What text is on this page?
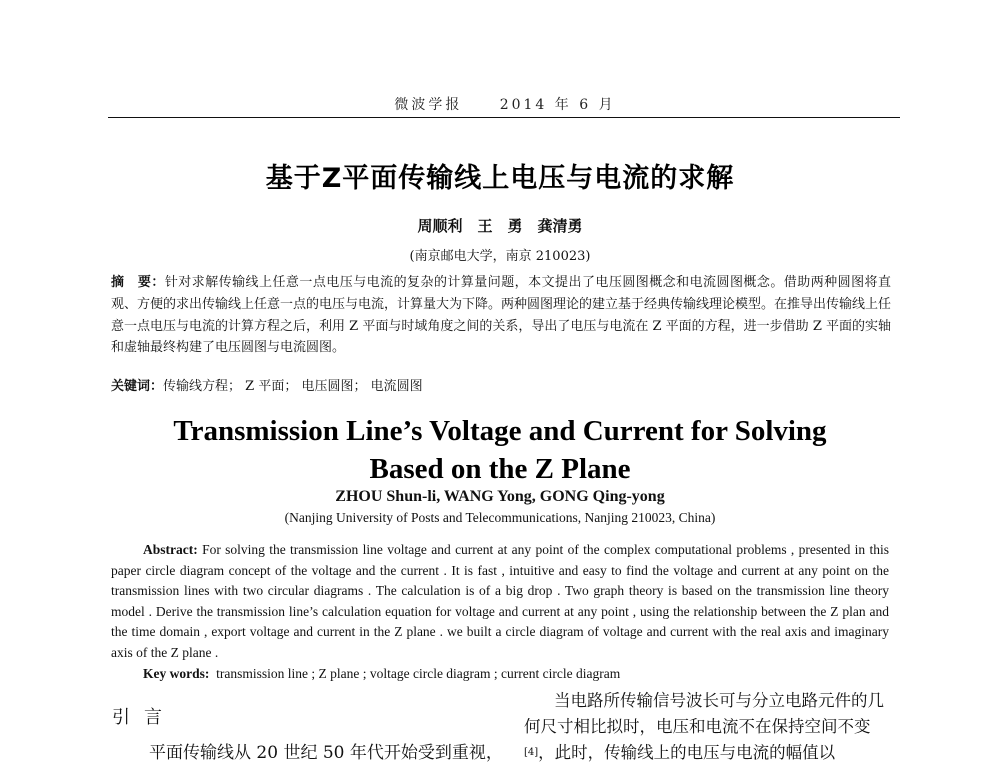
微波学报	2014 年 6 月
基于Z平面传输线上电压与电流的求解
周顺利　王　勇　龚清勇
(南京邮电大学，南京 210023)
摘　要：针对求解传输线上任意一点电压与电流的复杂的计算量问题，本文提出了电压圆图概念和电流圆图概念。借助两种圆图将直观、方便的求出传输线上任意一点的电压与电流，计算量大为下降。两种圆图理论的建立基于经典传输线理论模型。在推导出传输线上任意一点电压与电流的计算方程之后，利用 Z 平面与时域角度之间的关系，导出了电压与电流在 Z 平面的方程，进一步借助 Z 平面的实轴和虚轴最终构建了电压圆图与电流圆图。
关键词：传输线方程； Z 平面； 电压圆图； 电流圆图
Transmission Line’s Voltage and Current for Solving
Based on the Z Plane
ZHOU Shun-li, WANG Yong, GONG Qing-yong
(Nanjing University of Posts and Telecommunications, Nanjing 210023, China)
Abstract: For solving the transmission line voltage and current at any point of the complex computational problems , presented in this paper circle diagram concept of the voltage and the current . It is fast , intuitive and easy to find the voltage and current at any point on the transmission lines with two circular diagrams . The calculation is of a big drop . Two graph theory is based on the transmission line theory model . Derive the transmission line’s calculation equation for voltage and current at any point , using the relationship between the Z plan and the time domain , export voltage and current in the Z plane . we built a circle diagram of voltage and current with the real axis and imaginary axis of the Z plane .
Key words: transmission line ; Z plane ; voltage circle diagram ; current circle diagram
引言
平面传输线从 20 世纪 50 年代开始受到重视，
当电路所传输信号波长可与分立电路元件的几何尺寸相比拟时，电压和电流不在保持空间不变[4]，此时，传输线上的电压与电流的幅值以
